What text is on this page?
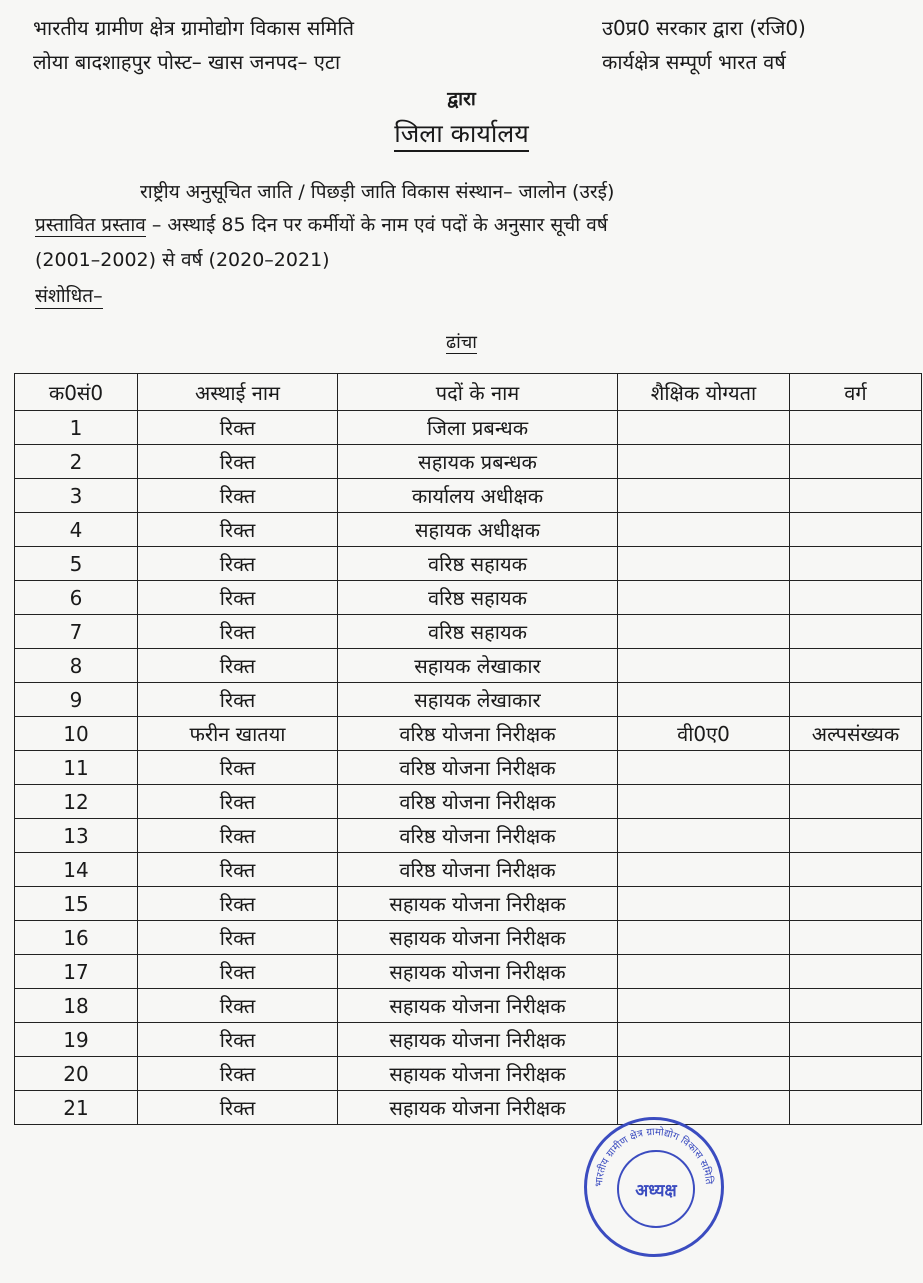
भारतीय ग्रामीण क्षेत्र ग्रामोद्योग विकास समिति
लोया बादशाहपुर पोस्ट– खास जनपद– एटा
उ0प्र0 सरकार द्वारा (रजि0)
कार्यक्षेत्र सम्पूर्ण भारत वर्ष
द्वारा
जिला कार्यालय
राष्ट्रीय अनुसूचित जाति / पिछड़ी जाति विकास संस्थान– जालोन (उरई)
प्रस्तावित प्रस्ताव – अस्थाई 85 दिन पर कर्मीयों के नाम एवं पदों के अनुसार सूची वर्ष
(2001–2002) से वर्ष (2020–2021)
संशोधित–
ढांचा
क0सं0	अस्थाई नाम	पदों के नाम	शैक्षिक योग्यता	वर्ग
1	रिक्त	जिला प्रबन्धक		
2	रिक्त	सहायक प्रबन्धक		
3	रिक्त	कार्यालय अधीक्षक		
4	रिक्त	सहायक अधीक्षक		
5	रिक्त	वरिष्ठ सहायक		
6	रिक्त	वरिष्ठ सहायक		
7	रिक्त	वरिष्ठ सहायक		
8	रिक्त	सहायक लेखाकार		
9	रिक्त	सहायक लेखाकार		
10	फरीन खातया	वरिष्ठ योजना निरीक्षक	वी0ए0	अल्पसंख्यक
11	रिक्त	वरिष्ठ योजना निरीक्षक		
12	रिक्त	वरिष्ठ योजना निरीक्षक		
13	रिक्त	वरिष्ठ योजना निरीक्षक		
14	रिक्त	वरिष्ठ योजना निरीक्षक		
15	रिक्त	सहायक योजना निरीक्षक		
16	रिक्त	सहायक योजना निरीक्षक		
17	रिक्त	सहायक योजना निरीक्षक		
18	रिक्त	सहायक योजना निरीक्षक		
19	रिक्त	सहायक योजना निरीक्षक		
20	रिक्त	सहायक योजना निरीक्षक		
21	रिक्त	सहायक योजना निरीक्षक		
भारतीय ग्रामीण क्षेत्र ग्रामोद्योग विकास समिति
अध्यक्ष
